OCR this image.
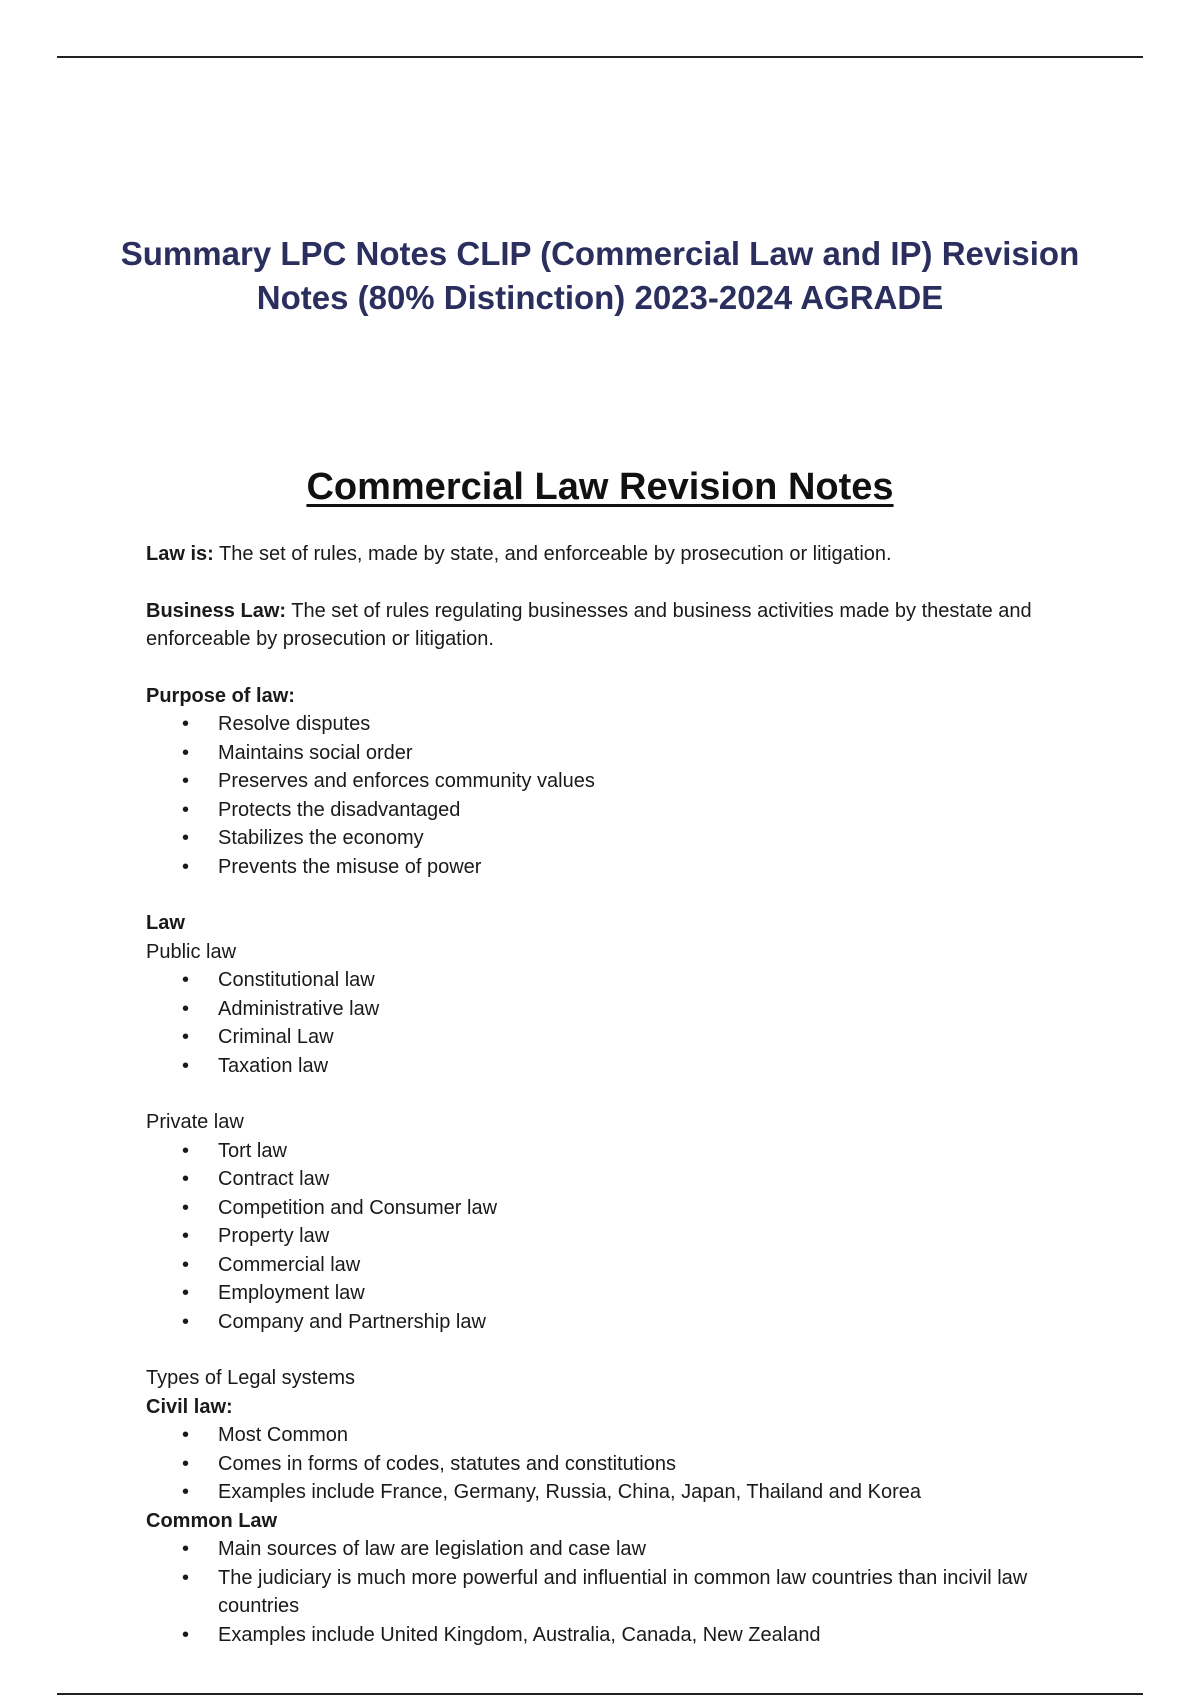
Summary LPC Notes CLIP (Commercial Law and IP) Revision
Notes (80% Distinction) 2023-2024 AGRADE
Commercial Law Revision Notes

Law is: The set of rules, made by state, and enforceable by prosecution or litigation.

Business Law: The set of rules regulating businesses and business activities made by thestate and enforceable by prosecution or litigation.

Purpose of law:
• Resolve disputes
• Maintains social order
• Preserves and enforces community values
• Protects the disadvantaged
• Stabilizes the economy
• Prevents the misuse of power
Law
Public law
• Constitutional law
• Administrative law
• Criminal Law
• Taxation law
Private law
• Tort law
• Contract law
• Competition and Consumer law
• Property law
• Commercial law
• Employment law
• Company and Partnership law
Types of Legal systems
Civil law:
• Most Common
• Comes in forms of codes, statutes and constitutions
• Examples include France, Germany, Russia, China, Japan, Thailand and Korea
Common Law
• Main sources of law are legislation and case law
• The judiciary is much more powerful and influential in common law countries than incivil law countries
• Examples include United Kingdom, Australia, Canada, New Zealand
